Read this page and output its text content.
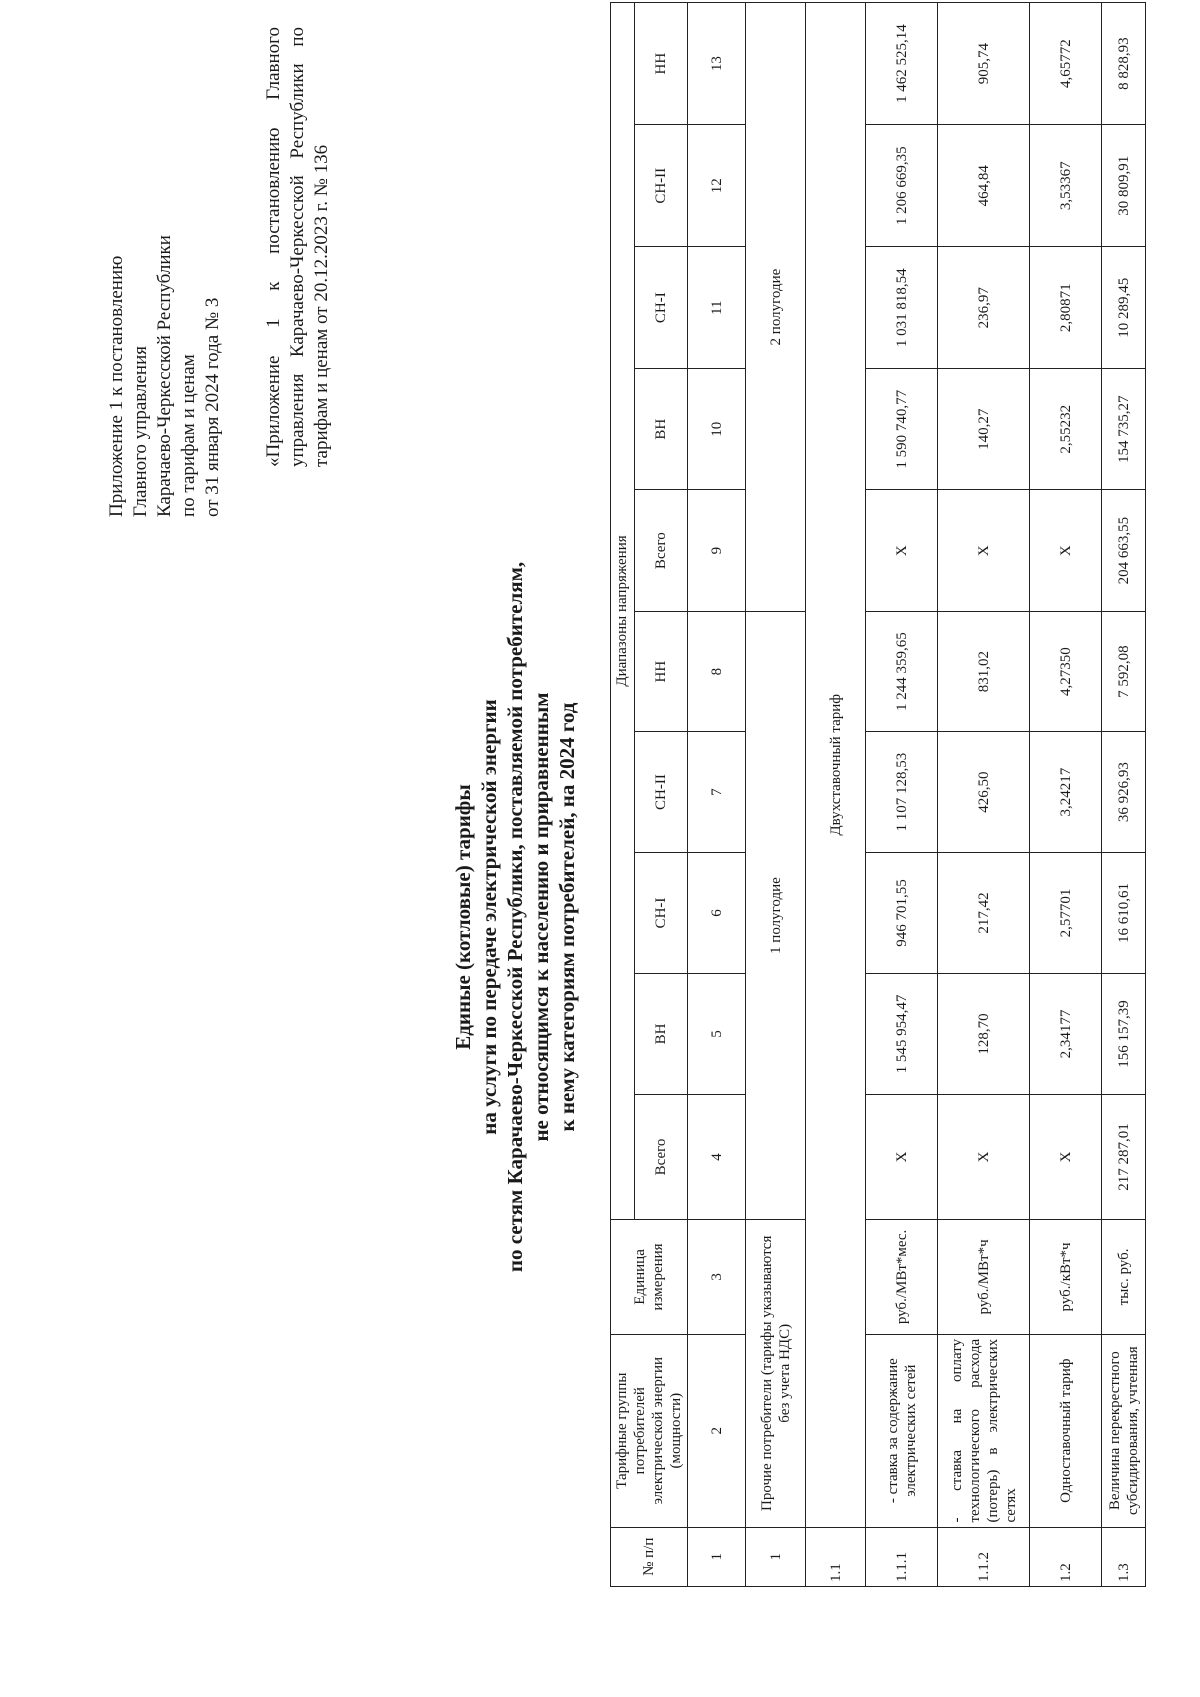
Приложение 1 к постановлению Главного управления Карачаево-Черкесской Республики по тарифам и ценам от 31 января 2024 года № 3 «Приложение 1 к постановлению Главного управления Карачаево-Черкесской Республики по тарифам и ценам от 20.12.2023 г. № 136
Единые (котловые) тарифы на услуги по передаче электрической энергии по сетям Карачаево-Черкесской Республики, поставляемой потребителям, не относящимся к населению и приравненным к нему категориям потребителей, на 2024 год
№ п/п	Тарифные группы потребителей электрической энергии (мощности)	Единица измерения	Диапазоны напряжения									
			Всего	ВН	СН-I	СН-II	НН	Всего	ВН	СН-I	СН-II	НН
1	2	3	4	5	6	7	8	9	10	11	12	13
1	Прочие потребители (тарифы указываются без учета НДС)		1 полугодие					2 полугодие				
1.1	Двухставочный тариф											
1.1.1	- ставка за содержание электрических сетей	руб./МВт*мес.	Х	1 545 954,47	946 701,55	1 107 128,53	1 244 359,65	Х	1 590 740,77	1 031 818,54	1 206 669,35	1 462 525,14
1.1.2	- ставка на оплату технологического расхода (потерь) в электрических сетях	руб./МВт*ч	Х	128,70	217,42	426,50	831,02	Х	140,27	236,97	464,84	905,74
1.2	Одноставочный тариф	руб./кВт*ч	Х	2,34177	2,57701	3,24217	4,27350	Х	2,55232	2,80871	3,53367	4,65772
1.3	Величина перекрестного субсидирования, учтенная	тыс. руб.	217 287,01	156 157,39	16 610,61	36 926,93	7 592,08	204 663,55	154 735,27	10 289,45	30 809,91	8 828,93
